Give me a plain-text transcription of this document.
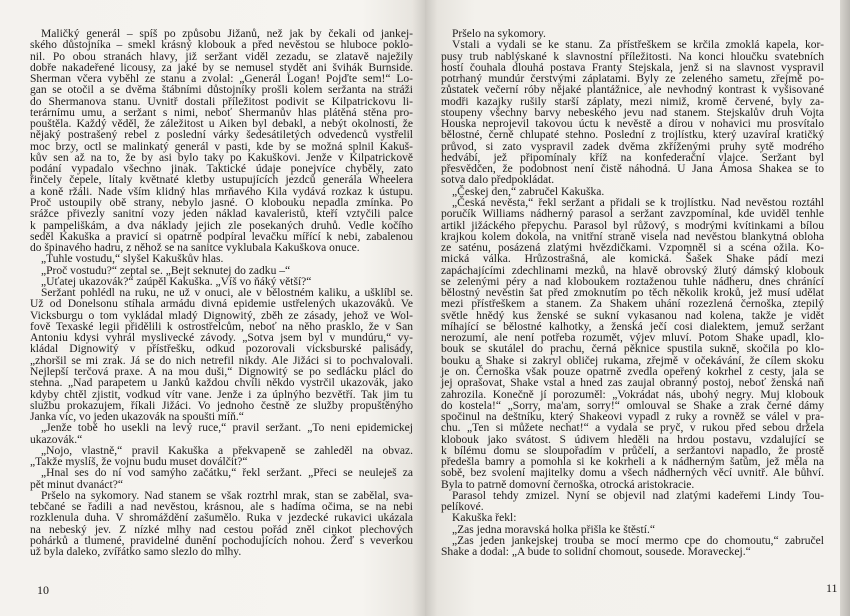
Maličký generál – spíš po způsobu Jižanů, než jak by čekali od jankej-
ského důstojníka – smekl krásný klobouk a před nevěstou se hluboce poklo-
nil. Po obou stranách hlavy, již seržant viděl zezadu, se zlatavě naježily
dobře nakadeřené licousy, za jaké by se nemusel stydět ani švihák Burnside.
Sherman včera vyběhl ze stanu a zvolal: „Generál Logan! Pojďte sem!“ Lo-
gan se otočil a se dvěma štábními důstojníky prošli kolem seržanta na stráži
do Shermanova stanu. Uvnitř dostali příležitost podivit se Kilpatrickovu li-
terárnímu umu, a seržant s nimi, neboť Shermanův hlas plátěná stěna pro-
pouštěla. Každý věděl, že záležitost u Aiken byl debakl, a nebýt okolnosti, že
nějaký postrašený rebel z poslední várky šedesátiletých odvedenců vystřelil
moc brzy, octl se malinkatý generál v pasti, kde by se možná splnil Kakuš-
kův sen až na to, že by asi bylo taky po Kakuškovi. Jenže v Kilpatrickově
podání vypadalo všechno jinak. Taktické údaje ponejvíce chyběly, zato
řinčely čepele, lítaly květnaté kletby ustupujících jezdců generála Wheelera
a koně ržáli. Nade vším klidný hlas mrňavého Kila vydává rozkaz k ústupu.
Proč ustoupily obě strany, nebylo jasné. O klobouku nepadla zmínka. Po
srážce přivezly sanitní vozy jeden náklad kavaleristů, kteří vztyčili palce
k pampeliškám, a dva náklady jejich zle posekaných druhů. Vedle kočího
seděl Kakuška a pravicí si opatrně podpíral levačku mířící k nebi, zabalenou
do špinavého hadru, z něhož se na sanitce vyklubala Kakuškova onuce.
„Tuhle vostudu,“ slyšel Kakuškův hlas.
„Proč vostudu?“ zeptal se. „Bejt seknutej do zadku –“
„Uťatej ukazovák?“ zaúpěl Kakuška. „Víš vo ňáký větší?“
Seržant pohlédl na ruku, ne už v onuci, ale v bělostném kaliku, a ušklíbl se.
Už od Donelsonu stíhala armádu divná epidemie ustřelených ukazováků. Ve
Vicksburgu o tom vykládal mladý Dignowitý, zběh ze zásady, jehož ve Wol-
fově Texaské legii přidělili k ostrostřelcům, neboť na něho prasklo, že v San
Antoniu kdysi vyhrál myslivecké závody. „Sotva jsem byl v mundúru,“ vy-
kládal Dignowitý v přístřešku, odkud pozorovali vicksburské palisády,
„zhoršil se mi zrak. Já se do nich netrefil nikdy. Ale Jižáci si to pochvalovali.
Nejlepší terčová praxe. A na mou duši,“ Dignowitý se po sedlácku plácl do
stehna. „Nad parapetem u Janků každou chvíli někdo vystrčil ukazovák, jako
kdyby chtěl zjistit, vodkud vítr vane. Jenže i za úplnýho bezvětří. Tak jim tu
službu prokazujem, říkali Jižáci. Vo jednoho čestně ze služby propuštěnýho
Janka víc, vo jeden ukazovák na spoušti míň.“
„Jenže tobě ho usekli na levý ruce,“ pravil seržant. „To neni epidemickej
ukazovák.“
„Nojo, vlastně,“ pravil Kakuška a překvapeně se zahleděl na obvaz.
„Takže myslíš, že vojnu budu muset doválčit?“
„Hnal ses do ní vod samýho začátku,“ řekl seržant. „Přeci se neuleješ za
pět minut dvanáct?“
Pršelo na sykomory. Nad stanem se však roztrhl mrak, stan se zabělal, sva-
tebčané se řadili a nad nevěstou, krásnou, ale s hadíma očima, se na nebi
rozklenula duha. V shromáždění zašumělo. Ruka v jezdecké rukavici ukázala
na nebeský jev. Z nízké mlhy nad cestou pořád zněl cinkot plechových
pohárků a tlumené, pravidelné dunění pochodujících nohou. Žerď s veverkou
už byla daleko, zvířátko samo slezlo do mlhy.
10
Pršelo na sykomory.
Vstali a vydali se ke stanu. Za přístřeškem se krčila zmoklá kapela, kor-
pusy trub nablýskané k slavnostní příležitosti. Na konci hloučku svatebních
hostí čouhala dlouhá postava Franty Stejskala, jenž si na slavnost vyspravil
potrhaný mundúr čerstvými záplatami. Byly ze zeleného sametu, zřejmě po-
zůstatek večerní róby nějaké plantážnice, ale nevhodný kontrast k vyšisované
modři kazajky rušily starší záplaty, mezi nimiž, kromě červené, byly za-
stoupeny všechny barvy nebeského jevu nad stanem. Stejskalův druh Vojta
Houska neprojevil takovou úctu k nevěstě a dírou v nohavici mu prosvítalo
bělostné, černě chlupaté stehno. Poslední z trojlístku, který uzavíral kratičký
průvod, si zato vyspravil zadek dvěma zkříženými pruhy sytě modrého
hedvábí, jež připomínaly kříž na konfederační vlajce. Seržant byl
přesvědčen, že podobnost není čistě náhodná. U Jana Ámosa Shakea se to
sotva dalo předpokládat.
„Českej den,“ zabručel Kakuška.
„Česká nevěsta,“ řekl seržant a přidali se k trojlístku. Nad nevěstou roztáhl
poručík Williams nádherný parasol a seržant zavzpomínal, kde uviděl tenhle
artikl jižáckého přepychu. Parasol byl růžový, s modrými kvítinkami a bílou
krajkou kolem dokola, na vnitřní straně visela nad nevěstou blankytná obloha
ze saténu, posázená zlatými hvězdičkami. Vzpomněl si a scéna ožila. Ko-
mická válka. Hrůzostrašná, ale komická. Šašek Shake pádí mezi
zapáchajícími zdechlinami mezků, na hlavě obrovský žlutý dámský klobouk
se zelenými péry a nad kloboukem roztaženou tuhle nádheru, dnes chránící
bělostný nevěstin šat před zmoknutím po těch několik kroků, jež musí udělat
mezi přístřeškem a stanem. Za Shakem uhání rozezlená černoška, ztepilý
světle hnědý kus ženské se sukní vykasanou nad kolena, takže je vidět
míhající se bělostné kalhotky, a ženská ječí cosi dialektem, jemuž seržant
nerozumí, ale není potřeba rozumět, výjev mluví. Potom Shake upadl, klo-
bouk se skutálel do prachu, černá pěknice spustila sukně, skočila po klo-
bouku a Shake si zakryl obličej rukama, zřejmě v očekávání, že cílem skoku
je on. Černoška však pouze opatrně zvedla opeřený kokrhel z cesty, jala se
jej oprašovat, Shake vstal a hned zas zaujal obranný postoj, neboť ženská naň
zahrozila. Konečně jí porozuměl: „Vokrádat nás, ubohý negry. Muj klobouk
do kostela!“ „Sorry, ma'am, sorry!“ omlouval se Shake a zrak černé dámy
spočinul na deštníku, který Shakeovi vypadl z ruky a rovněž se válel v pra-
chu. „Ten si můžete nechat!“ a vydala se pryč, v rukou před sebou držela
klobouk jako svátost. S údivem hleděli na hrdou postavu, vzdalující se
k bílému domu se sloupořadím v průčelí, a seržantovi napadlo, že prostě
předešla bamry a pomohla si ke kokrheli a k nádherným šatům, jež měla na
sobě, bez svolení majitelky domu a všech nádherných věcí uvnitř. Ale bůhví.
Byla to patrně domovní černoška, otrocká aristokracie.
Parasol tehdy zmizel. Nyní se objevil nad zlatými kadeřemi Lindy Tou-
pelíkové.
Kakuška řekl:
„Zas jedna moravská holka přišla ke štěstí.“
„Zas jeden jankejskej trouba se mocí mermo cpe do chomoutu,“ zabručel
Shake a dodal: „A bude to solidní chomout, sousede. Moraveckej.“
11
